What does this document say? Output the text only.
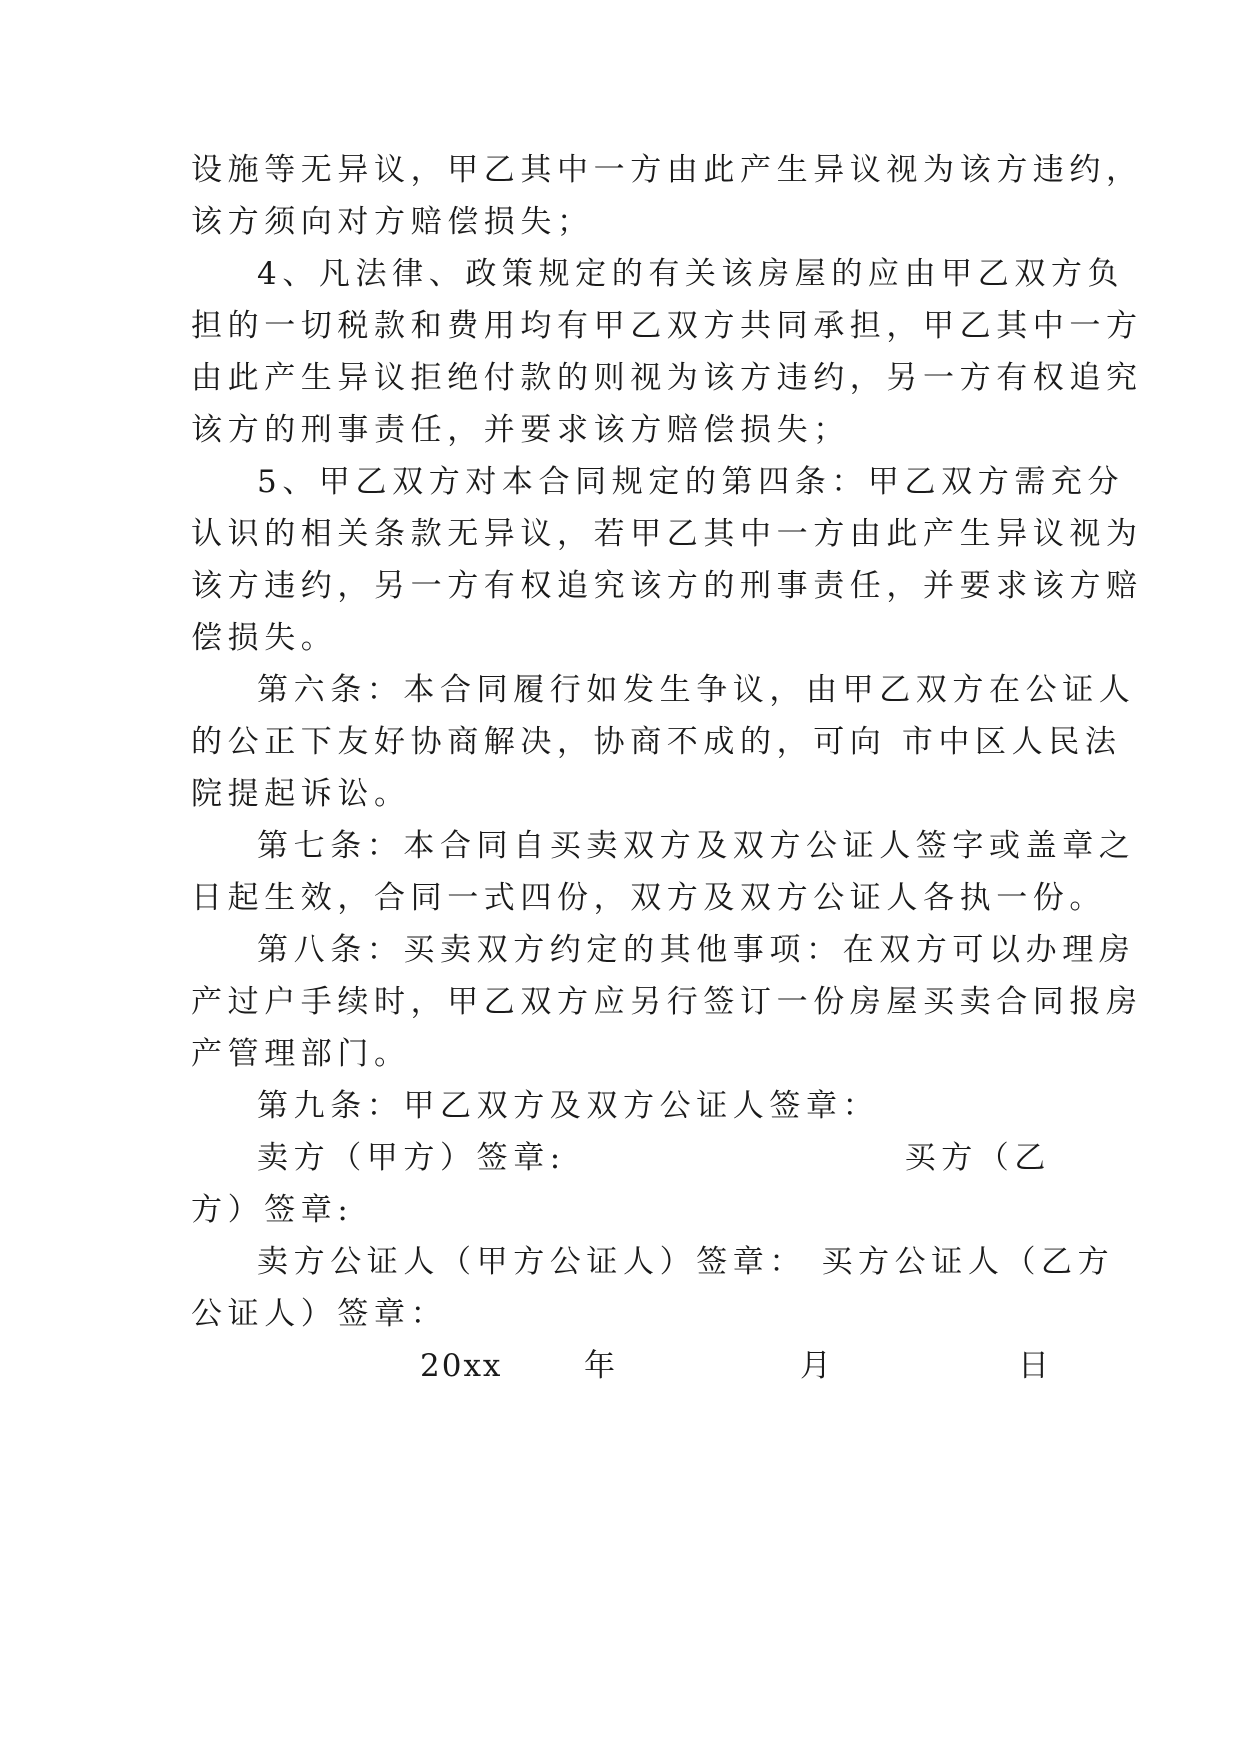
设施等无异议，甲乙其中一方由此产生异议视为该方违约，
该方须向对方赔偿损失；
4、凡法律、政策规定的有关该房屋的应由甲乙双方负
担的一切税款和费用均有甲乙双方共同承担，甲乙其中一方
由此产生异议拒绝付款的则视为该方违约，另一方有权追究
该方的刑事责任，并要求该方赔偿损失；
5、甲乙双方对本合同规定的第四条：甲乙双方需充分
认识的相关条款无异议，若甲乙其中一方由此产生异议视为
该方违约，另一方有权追究该方的刑事责任，并要求该方赔
偿损失。
第六条：本合同履行如发生争议，由甲乙双方在公证人
的公正下友好协商解决，协商不成的，可向 市中区人民法
院提起诉讼。
第七条：本合同自买卖双方及双方公证人签字或盖章之
日起生效，合同一式四份，双方及双方公证人各执一份。
第八条：买卖双方约定的其他事项：在双方可以办理房
产过户手续时，甲乙双方应另行签订一份房屋买卖合同报房
产管理部门。
第九条：甲乙双方及双方公证人签章：
卖方（甲方）签章:	买方（乙
方）签章:
卖方公证人（甲方公证人）签章： 买方公证人（乙方
公证人）签章：
20xx	年	月	日
